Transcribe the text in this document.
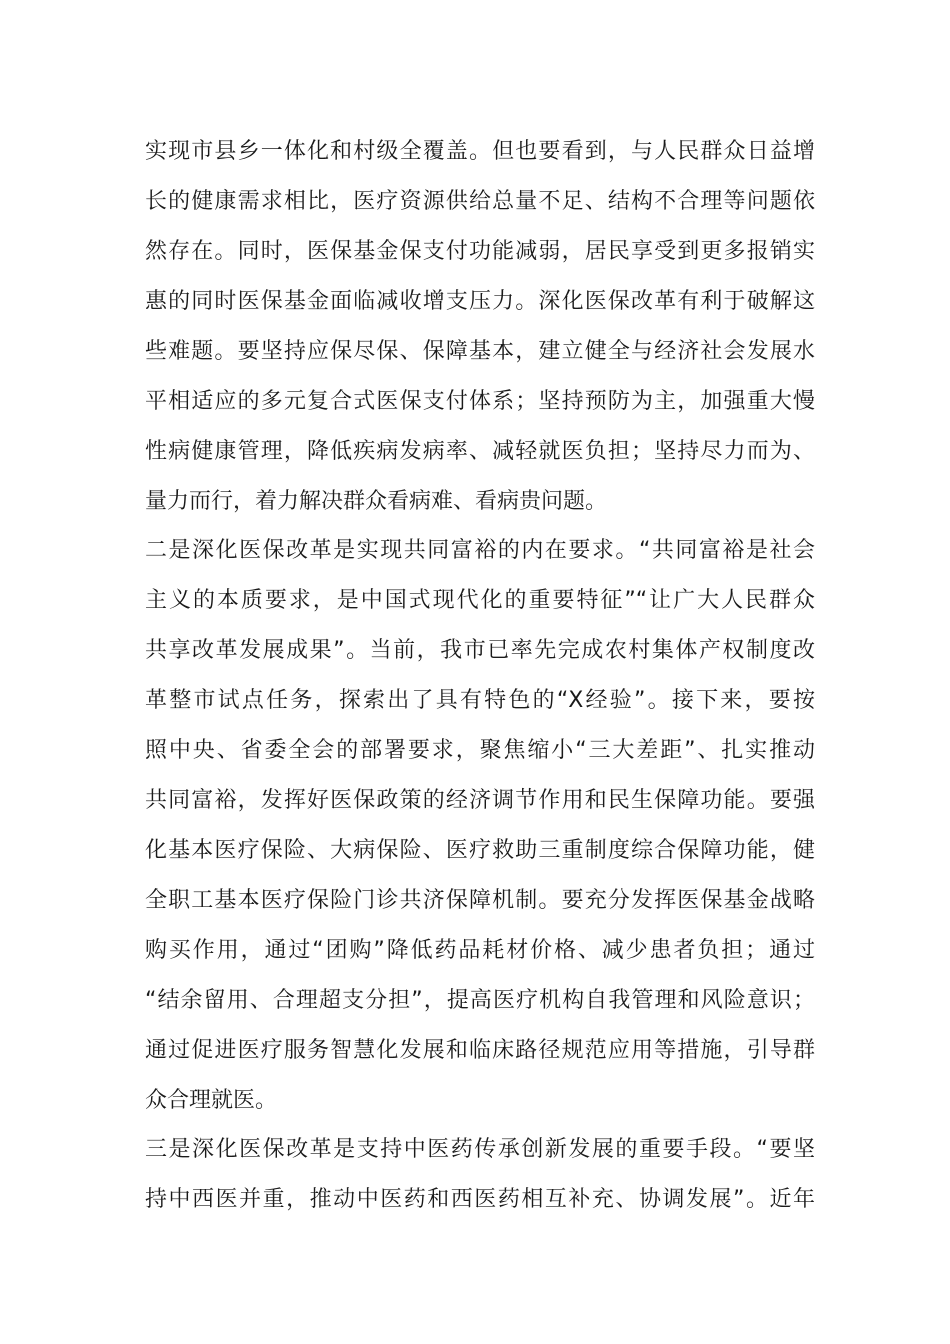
实现市县乡一体化和村级全覆盖。但也要看到，与人民群众日益增
长的健康需求相比，医疗资源供给总量不足、结构不合理等问题依
然存在。同时，医保基金保支付功能减弱，居民享受到更多报销实
惠的同时医保基金面临减收增支压力。深化医保改革有利于破解这
些难题。要坚持应保尽保、保障基本，建立健全与经济社会发展水
平相适应的多元复合式医保支付体系；坚持预防为主，加强重大慢
性病健康管理，降低疾病发病率、减轻就医负担；坚持尽力而为、
量力而行，着力解决群众看病难、看病贵问题。
二是深化医保改革是实现共同富裕的内在要求。“共同富裕是社会
主义的本质要求，是中国式现代化的重要特征”“让广大人民群众
共享改革发展成果”。当前，我市已率先完成农村集体产权制度改
革整市试点任务，探索出了具有特色的“X经验”。接下来，要按
照中央、省委全会的部署要求，聚焦缩小“三大差距”、扎实推动
共同富裕，发挥好医保政策的经济调节作用和民生保障功能。要强
化基本医疗保险、大病保险、医疗救助三重制度综合保障功能，健
全职工基本医疗保险门诊共济保障机制。要充分发挥医保基金战略
购买作用，通过“团购”降低药品耗材价格、减少患者负担；通过
“结余留用、合理超支分担”，提高医疗机构自我管理和风险意识；
通过促进医疗服务智慧化发展和临床路径规范应用等措施，引导群
众合理就医。
三是深化医保改革是支持中医药传承创新发展的重要手段。“要坚
持中西医并重，推动中医药和西医药相互补充、协调发展”。近年
